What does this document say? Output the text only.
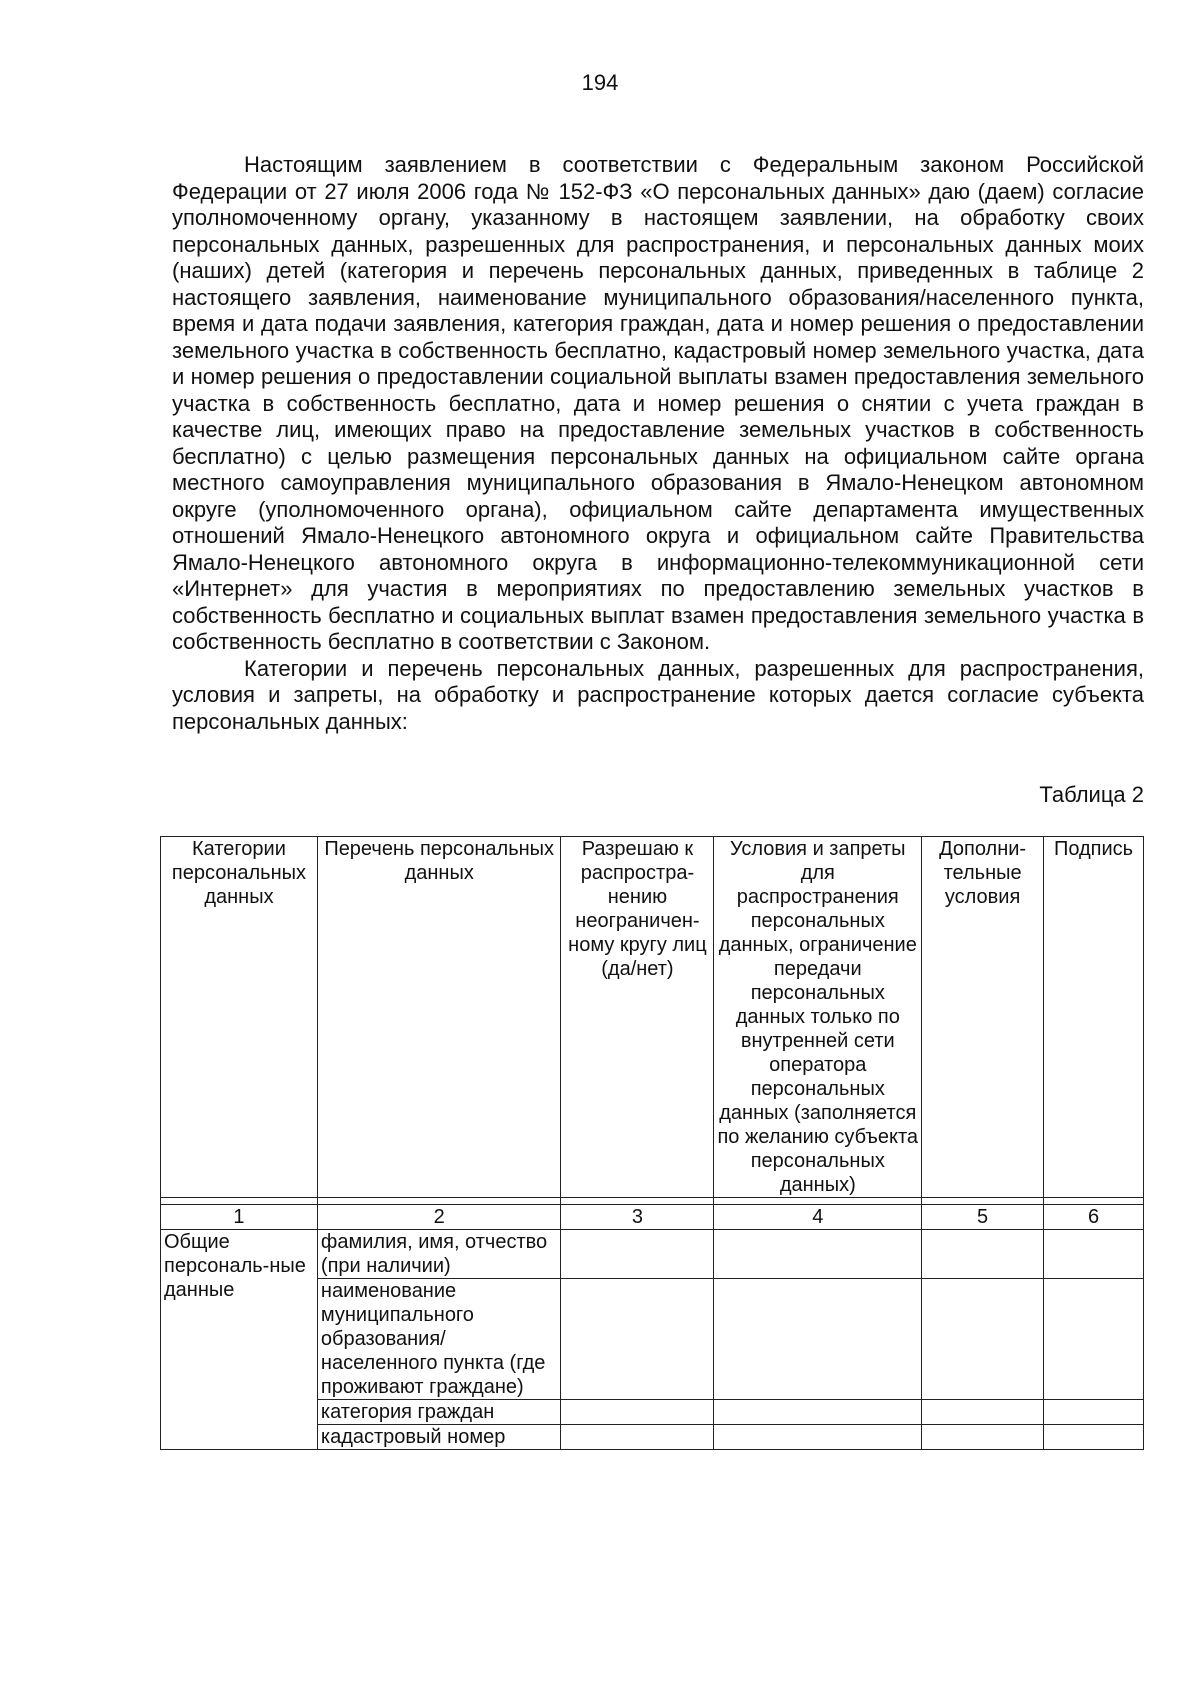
194

Настоящим заявлением в соответствии с Федеральным законом Российской Федерации от 27 июля 2006 года № 152-ФЗ «О персональных данных» даю (даем) согласие уполномоченному органу, указанному в настоящем заявлении, на обработку своих персональных данных, разрешенных для распространения, и персональных данных моих (наших) детей (категория и перечень персональных данных, приведенных в таблице 2 настоящего заявления, наименование муниципального образования/населенного пункта, время и дата подачи заявления, категория граждан, дата и номер решения о предоставлении земельного участка в собственность бесплатно, кадастровый номер земельного участка, дата и номер решения о предоставлении социальной выплаты взамен предоставления земельного участка в собственность бесплатно, дата и номер решения о снятии с учета граждан в качестве лиц, имеющих право на предоставление земельных участков в собственность бесплатно) с целью размещения персональных данных на официальном сайте органа местного самоуправления муниципального образования в Ямало-Ненецком автономном округе (уполномоченного органа), официальном сайте департамента имущественных отношений Ямало-Ненецкого автономного округа и официальном сайте Правительства Ямало-Ненецкого автономного округа в информационно-телекоммуникационной сети «Интернет» для участия в мероприятиях по предоставлению земельных участков в собственность бесплатно и социальных выплат взамен предоставления земельного участка в собственность бесплатно в соответствии с Законом.

Категории и перечень персональных данных, разрешенных для распространения, условия и запреты, на обработку и распространение которых дается согласие субъекта персональных данных:

Таблица 2
Категории персональных данных	Перечень персональных данных	Разрешаю к распростра-нению неограничен-ному кругу лиц (да/нет)	Условия и запреты для распространения персональных данных, ограничение передачи персональных данных только по внутренней сети оператора персональных данных (заполняется по желанию субъекта персональных данных)	Дополни-тельные условия	Подпись

1	2	3	4	5	6
Общие персональ-ные данные	фамилия, имя, отчество (при наличии)				
	наименование муниципального образования/ населенного пункта (где проживают граждане)				
	категория граждан				
	кадастровый номер				
